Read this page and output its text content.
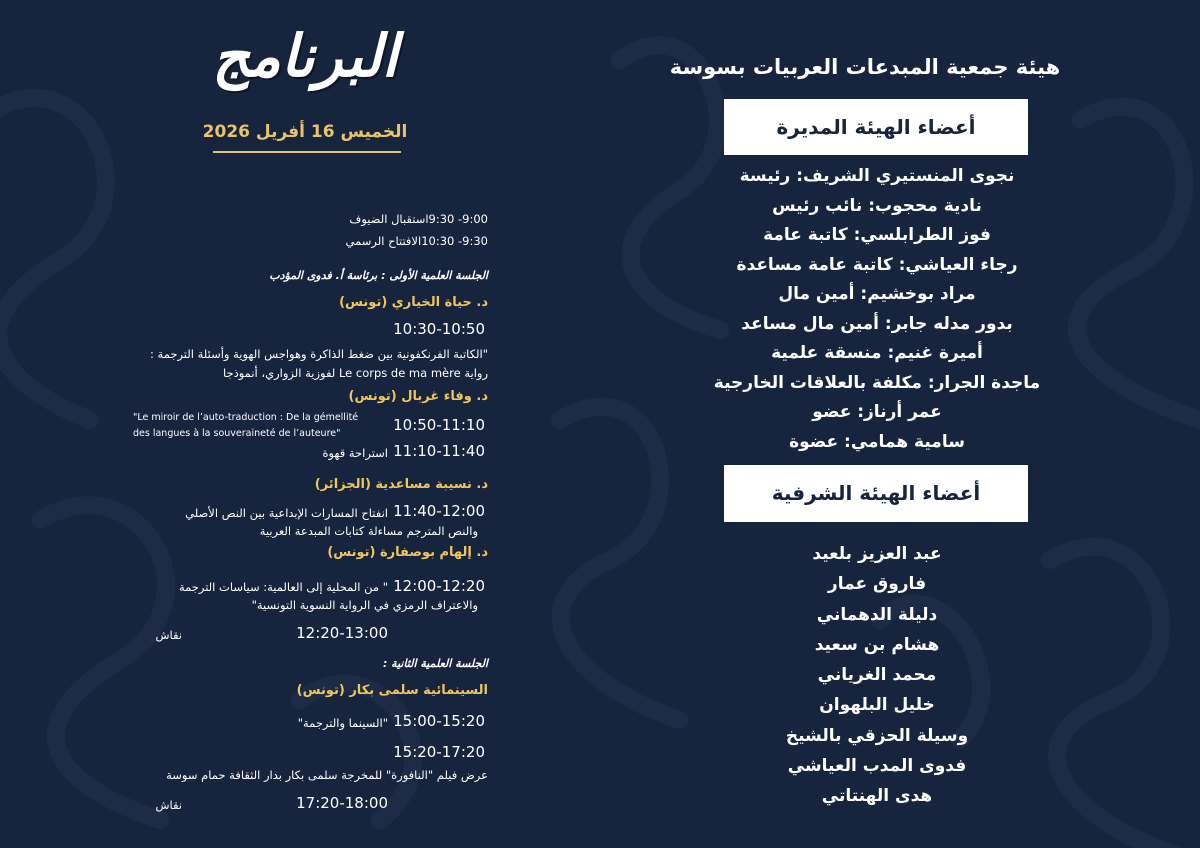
هيئة جمعية المبدعات العربيات بسوسة
أعضاء الهيئة المديرة
نجوى المنستيري الشريف: رئيسة
نادية محجوب: نائب رئيس
فوز الطرابلسي: كاتبة عامة
رجاء العياشي: كاتبة عامة مساعدة
مراد بوخشيم: أمين مال
بدور مدله جابر: أمين مال مساعد
أميرة غنيم: منسقة علمية
ماجدة الجرار: مكلفة بالعلاقات الخارجية
عمر أرناز: عضو
سامية همامي: عضوة
أعضاء الهيئة الشرفية
عبد العزيز بلعيد
فاروق عمار
دليلة الدهماني
هشام بن سعيد
محمد الغرياني
خليل البلهوان
وسيلة الحزقي بالشيخ
فدوى المدب العياشي
هدى الهنتاتي
البرنامج
الخميس 16 أفريل 2026
9:00- 9:30استقبال الضيوف
9:30- 10:30الافتتاح الرسمي
الجلسة العلمية الأولى : برئاسة أ. فدوى المؤدب
د. حياة الخياري (تونس)
10:30-10:50
"الكاتبة الفرنكفونية بين ضغط الذاكرة وهواجس الهوية وأسئلة الترجمة :
رواية Le corps de ma mère لفوزية الزواري، أنموذجا
د. وفاء غربال (تونس)
10:50-11:10
"Le miroir de l’auto-traduction : De la gémellité
des langues à la souveraineté de l’auteure"
11:10-11:40
استراحة قهوة
د. نسيبة مساعدية (الجزائر)
11:40-12:00
انفتاح المسارات الإبداعية بين النص الأصلي
والنص المترجم مساءلة كتابات المبدعة العربية
د. إلهام بوصفارة (تونس)
12:00-12:20
" من المحلية إلى العالمية: سياسات الترجمة
والاعتراف الرمزي في الرواية النسوية التونسية"
12:20-13:00
نقاش
الجلسة العلمية الثانية :
السينمائية سلمى بكار (تونس)
15:00-15:20
"السينما والترجمة"
15:20-17:20
عرض فيلم "النافورة" للمخرجة سلمى بكار بدار الثقافة حمام سوسة
17:20-18:00
نقاش
